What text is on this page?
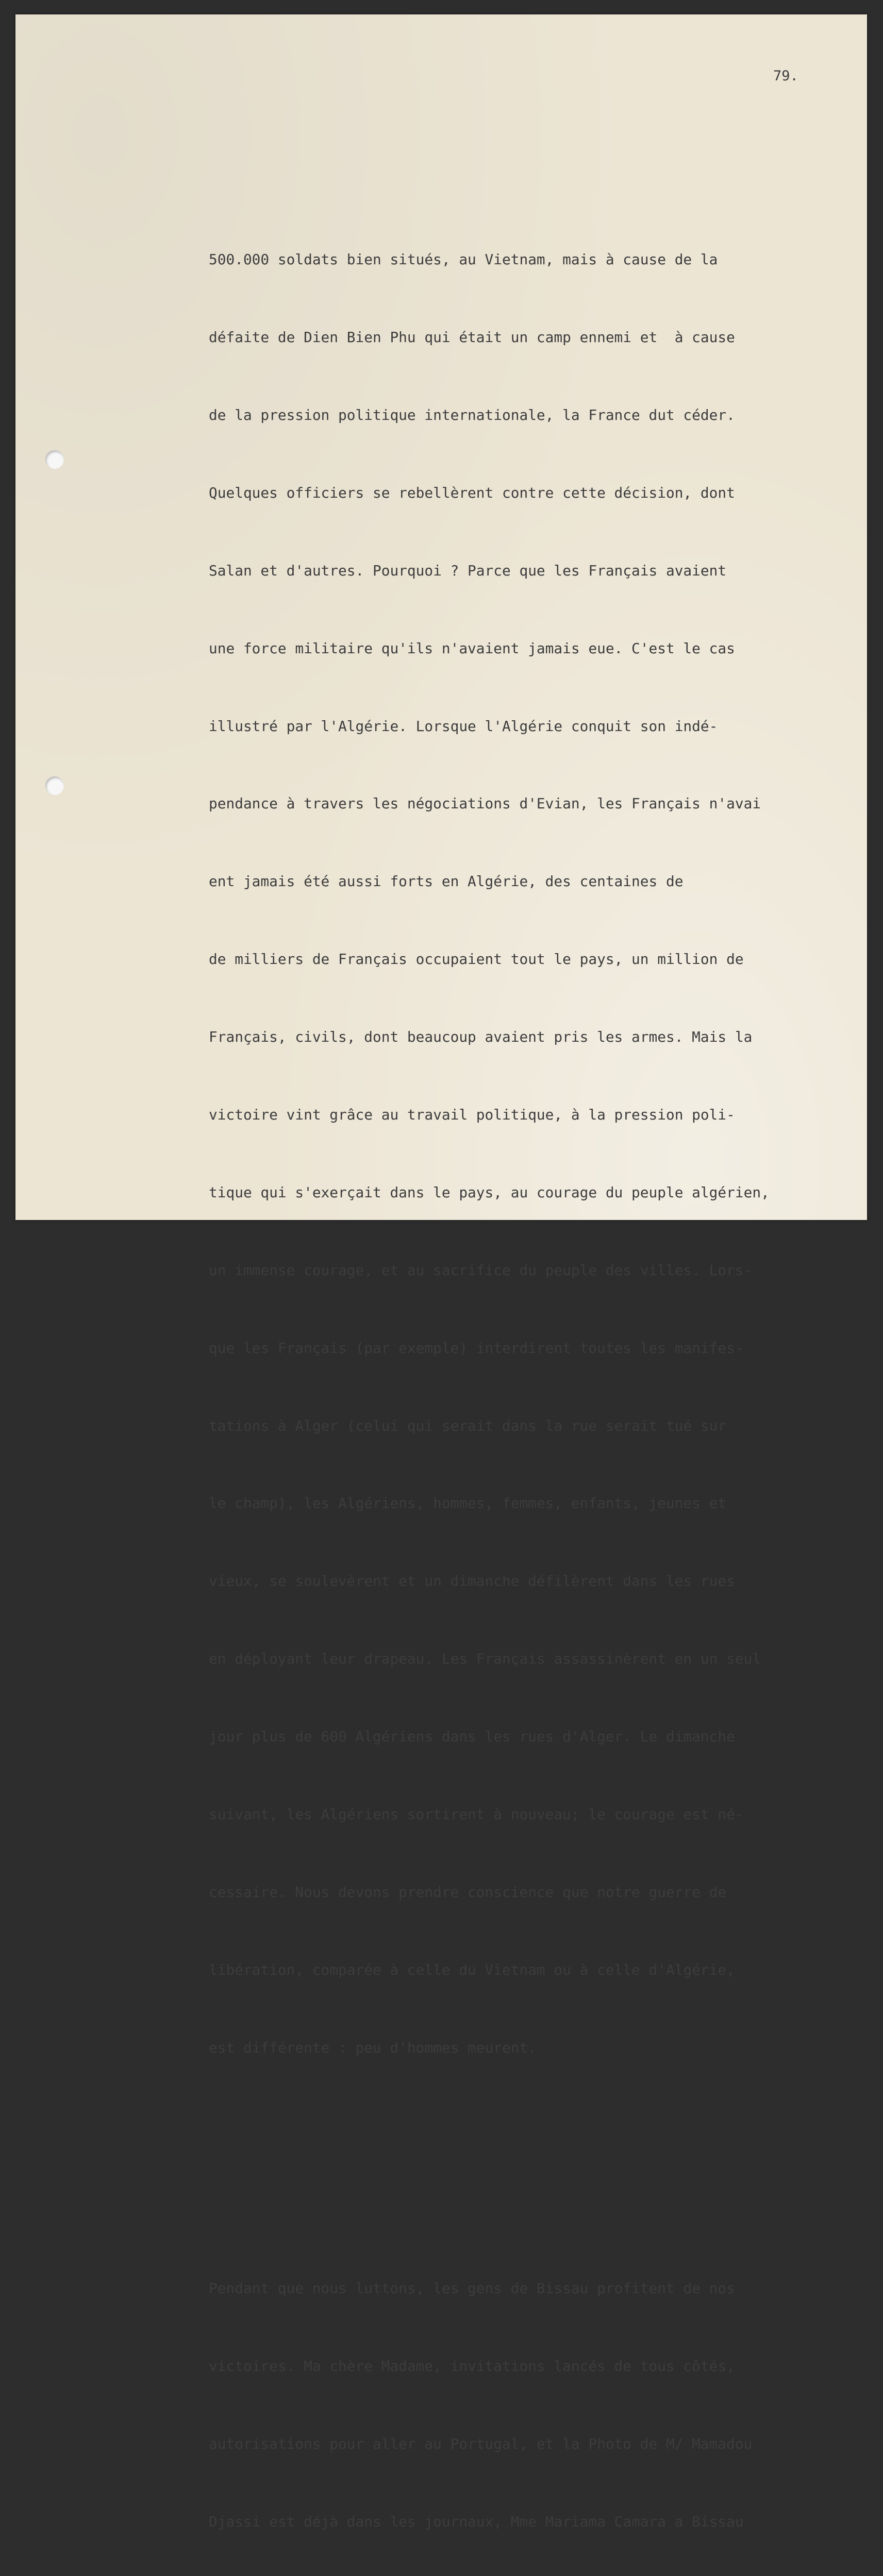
79.

500.000 soldats bien situés, au Vietnam, mais à cause de la

défaite de Dien Bien Phu qui était un camp ennemi et  à cause

de la pression politique internationale, la France dut céder.

Quelques officiers se rebellèrent contre cette décision, dont

Salan et d'autres. Pourquoi ? Parce que les Français avaient

une force militaire qu'ils n'avaient jamais eue. C'est le cas

illustré par l'Algérie. Lorsque l'Algérie conquit son indé-

pendance à travers les négociations d'Evian, les Français n'avai

ent jamais été aussi forts en Algérie, des centaines de

de milliers de Français occupaient tout le pays, un million de

Français, civils, dont beaucoup avaient pris les armes. Mais la

victoire vint grâce au travail politique, à la pression poli-

tique qui s'exerçait dans le pays, au courage du peuple algérien,

un immense courage, et au sacrifice du peuple des villes. Lors-

que les Français (par exemple) interdirent toutes les manifes-

tations à Alger (celui qui serait dans la rue serait tué sur

le champ), les Algériens, hommes, femmes, enfants, jeunes et

vieux, se soulevèrent et un dimanche défilèrent dans les rues

en déployant leur drapeau. Les Français assassinèrent en un seul

jour plus de 600 Algériens dans les rues d'Alger. Le dimanche

suivant, les Algériens sortirent à nouveau; le courage est né-

cessaire. Nous devons prendre conscience que notre guerre de

libération, comparée à celle du Vietnam ou à celle d'Algérie,

est différente : peu d'hommes meurent.

Pendant que nous luttons, les gens de Bissau profitent de nos

victoires. Ma chère Madame, invitations lancés de tous côtés,

autorisations pour aller au Portugal, et la Photo de M/ Mamadou

Djassi est déjà dans les journaux, Mme Mariama Camara a Bissau
